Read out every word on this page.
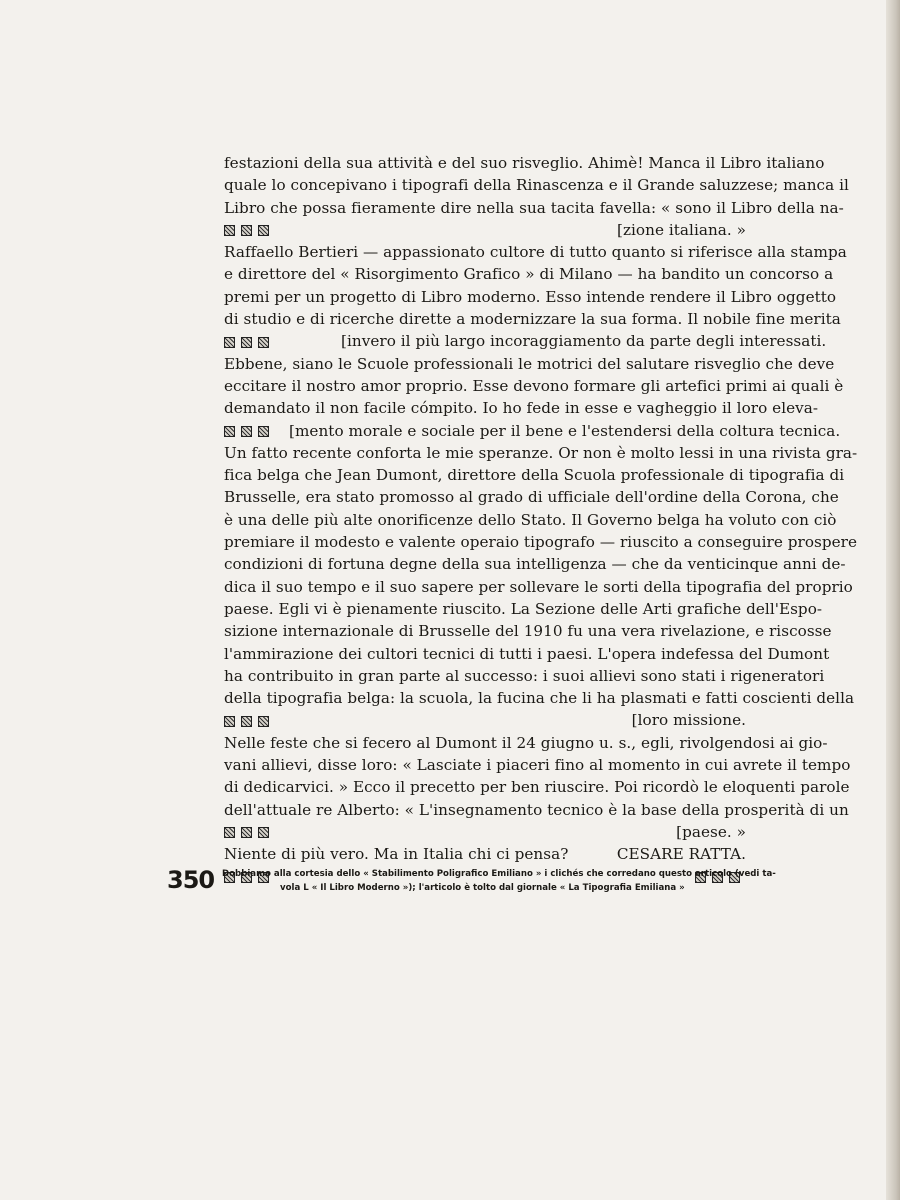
festazioni della sua attività e del suo risveglio. Ahimè! Manca il Libro italiano
quale lo concepivano i tipografi della Rinascenza e il Grande saluzzese; manca il
Libro che possa fieramente dire nella sua tacita favella: « sono il Libro della na-
[zione italiana. »
Raffaello Bertieri — appassionato cultore di tutto quanto si riferisce alla stampa
e direttore del « Risorgimento Grafico » di Milano — ha bandito un concorso a
premi per un progetto di Libro moderno. Esso intende rendere il Libro oggetto
di studio e di ricerche dirette a modernizzare la sua forma. Il nobile fine merita
[invero il più largo incoraggiamento da parte degli interessati.
Ebbene, siano le Scuole professionali le motrici del salutare risveglio che deve
eccitare il nostro amor proprio. Esse devono formare gli artefici primi ai quali è
demandato il non facile cómpito. Io ho fede in esse e vagheggio il loro eleva-
[mento morale e sociale per il bene e l'estendersi della coltura tecnica.
Un fatto recente conforta le mie speranze. Or non è molto lessi in una rivista gra-
fica belga che Jean Dumont, direttore della Scuola professionale di tipografia di
Brusselle, era stato promosso al grado di ufficiale dell'ordine della Corona, che
è una delle più alte onorificenze dello Stato. Il Governo belga ha voluto con ciò
premiare il modesto e valente operaio tipografo — riuscito a conseguire prospere
condizioni di fortuna degne della sua intelligenza — che da venticinque anni de-
dica il suo tempo e il suo sapere per sollevare le sorti della tipografia del proprio
paese. Egli vi è pienamente riuscito. La Sezione delle Arti grafiche dell'Espo-
sizione internazionale di Brusselle del 1910 fu una vera rivelazione, e riscosse
l'ammirazione dei cultori tecnici di tutti i paesi. L'opera indefessa del Dumont
ha contribuito in gran parte al successo: i suoi allievi sono stati i rigeneratori
della tipografia belga: la scuola, la fucina che li ha plasmati e fatti coscienti della
[loro missione.
Nelle feste che si fecero al Dumont il 24 giugno u. s., egli, rivolgendosi ai gio-
vani allievi, disse loro: « Lasciate i piaceri fino al momento in cui avrete il tempo
di dedicarvici. » Ecco il precetto per ben riuscire. Poi ricordò le eloquenti parole
dell'attuale re Alberto: « L'insegnamento tecnico è la base della prosperità di un
[paese. »
Niente di più vero. Ma in Italia chi ci pensa?	CESARE RATTA.
350 Dobbiamo alla cortesia dello « Stabilimento Poligrafico Emiliano » i clichés che corredano questo articolo (vedi ta-
vola L « Il Libro Moderno »); l'articolo è tolto dal giornale « La Tipografia Emiliana »
